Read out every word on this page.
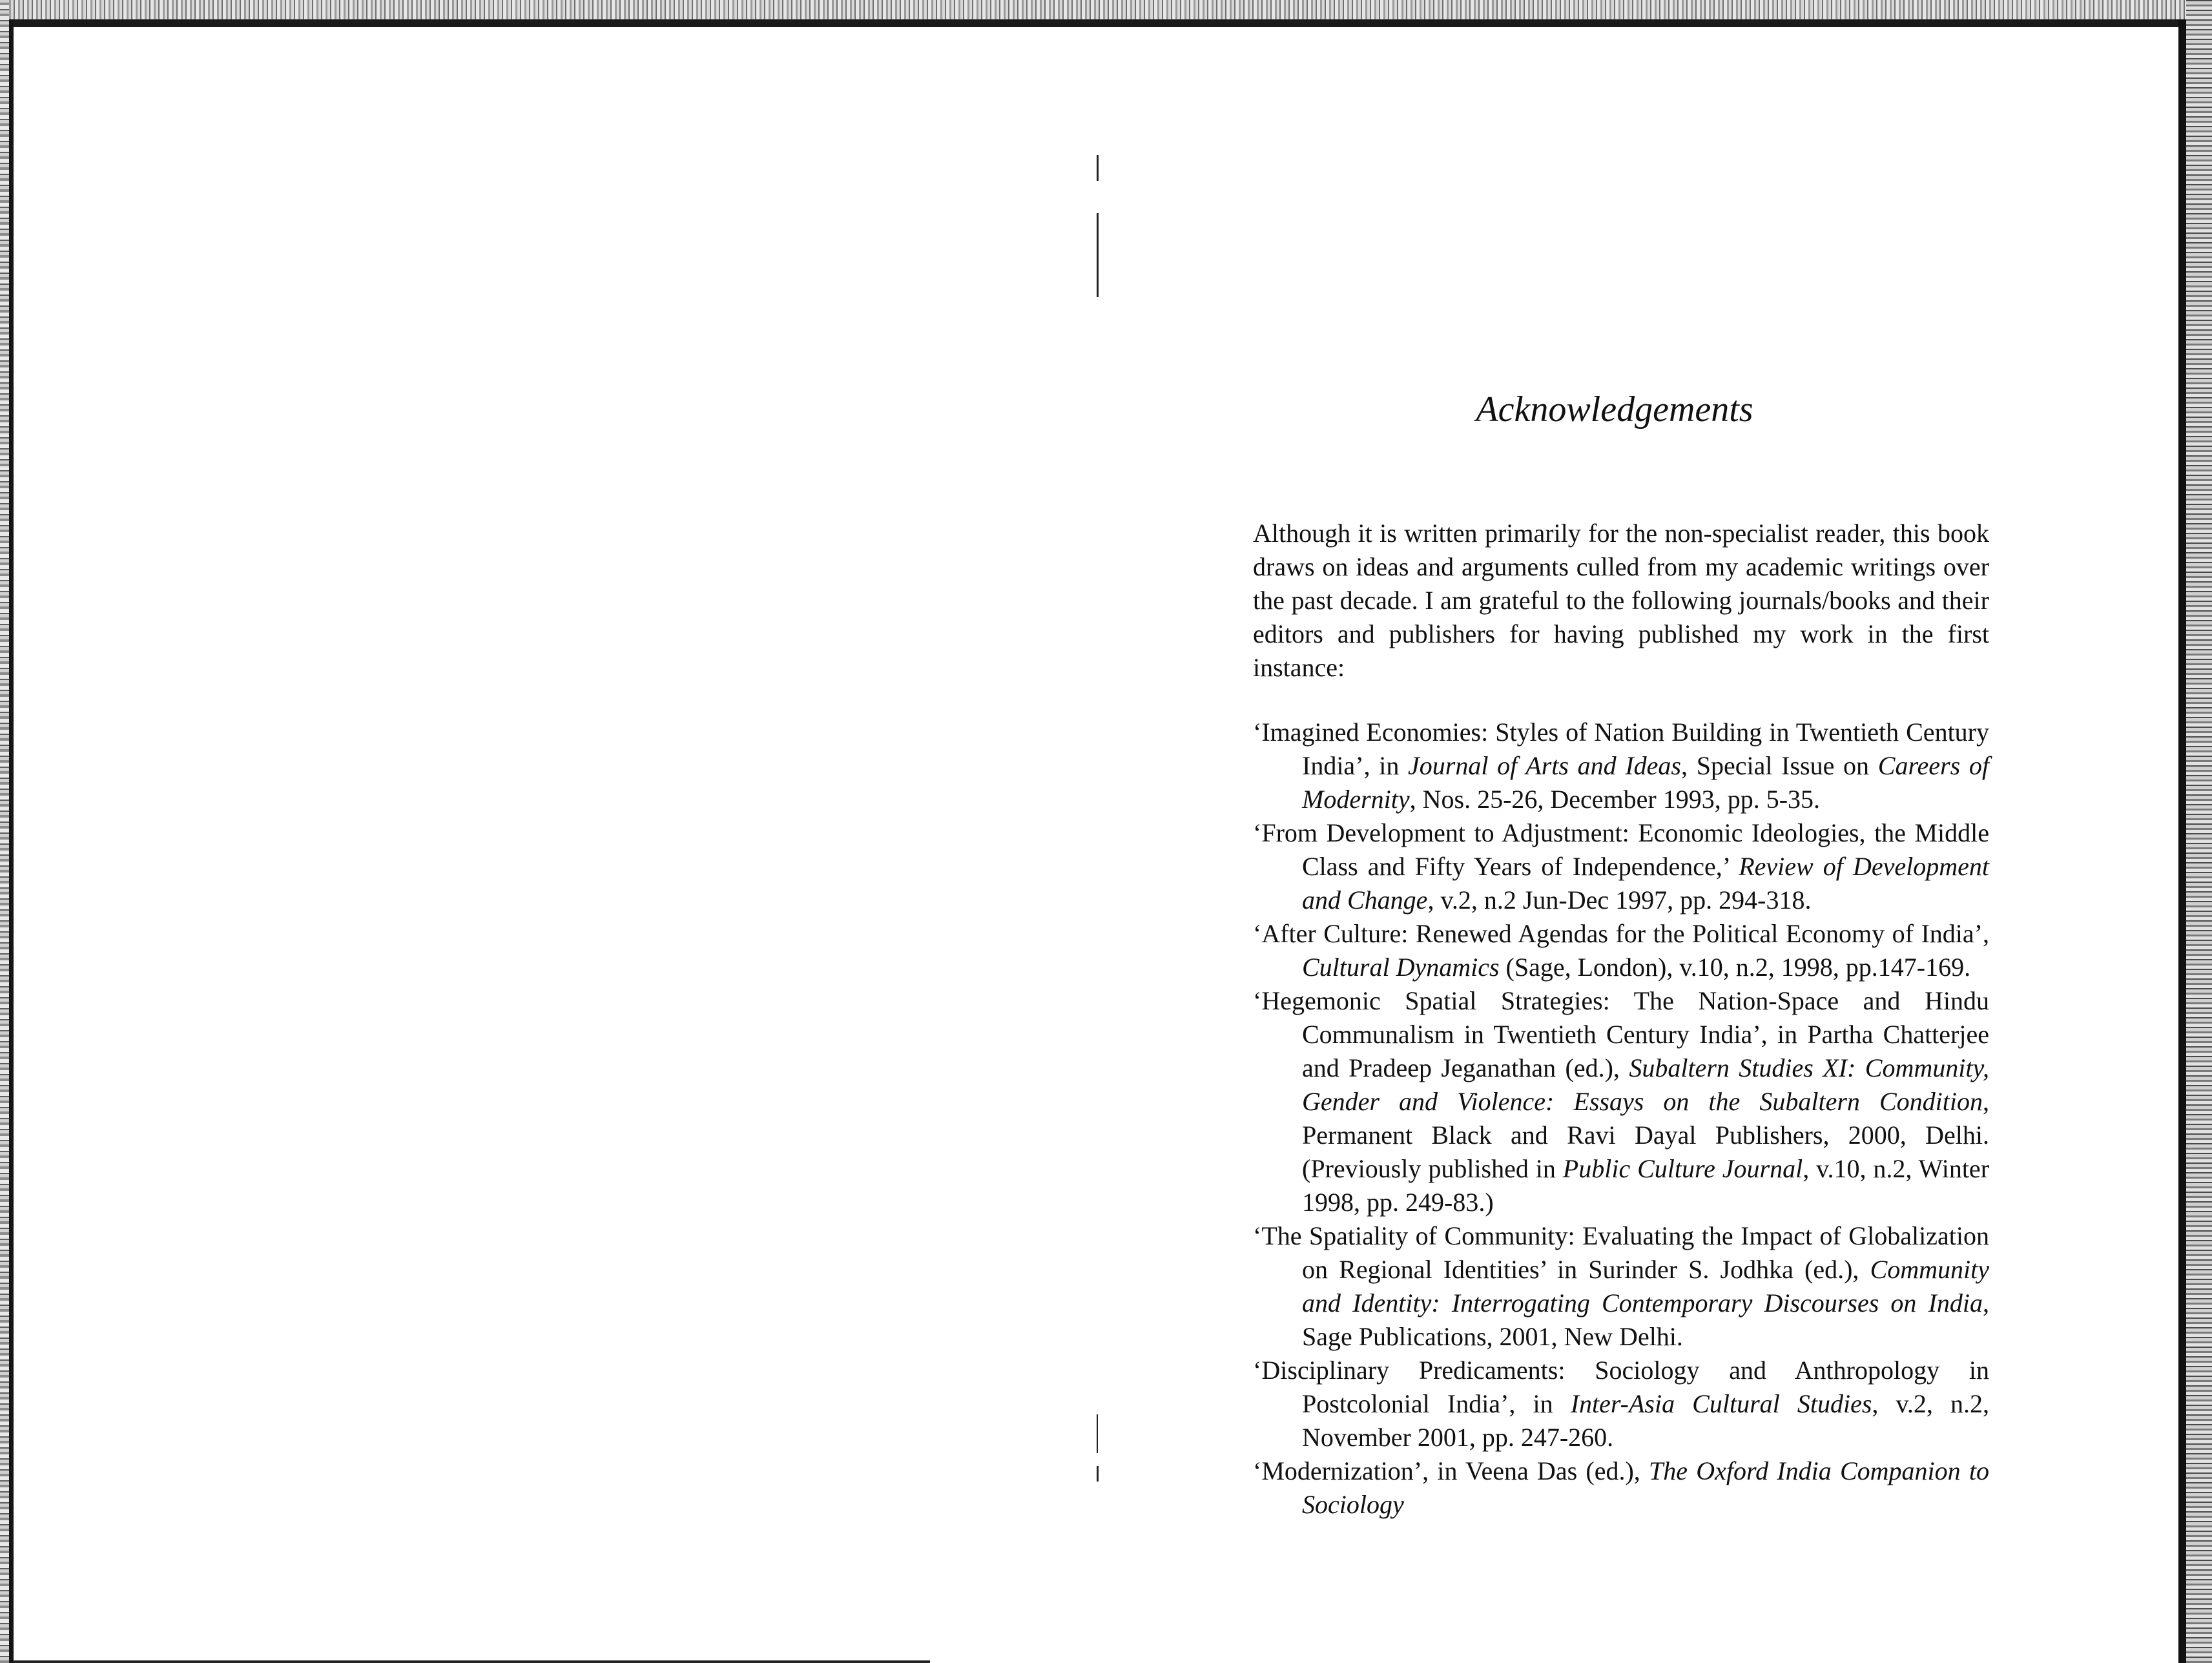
Acknowledgements

Although it is written primarily for the non-specialist reader, this book draws on ideas and arguments culled from my academic writings over the past decade. I am grateful to the following journals/books and their editors and publishers for having published my work in the first instance:

‘Imagined Economies: Styles of Nation Building in Twentieth Century India’, in Journal of Arts and Ideas, Special Issue on Careers of Modernity, Nos. 25-26, December 1993, pp. 5-35.
‘From Development to Adjustment: Economic Ideologies, the Middle Class and Fifty Years of Independence,’ Review of Development and Change, v.2, n.2 Jun-Dec 1997, pp. 294-318.
‘After Culture: Renewed Agendas for the Political Economy of India’, Cultural Dynamics (Sage, London), v.10, n.2, 1998, pp.147-169.
‘Hegemonic Spatial Strategies: The Nation-Space and Hindu Communalism in Twentieth Century India’, in Partha Chatterjee and Pradeep Jeganathan (ed.), Subaltern Studies XI: Community, Gender and Violence: Essays on the Subaltern Condition, Permanent Black and Ravi Dayal Publishers, 2000, Delhi. (Previously published in Public Culture Journal, v.10, n.2, Winter 1998, pp. 249-83.)
‘The Spatiality of Community: Evaluating the Impact of Globalization on Regional Identities’ in Surinder S. Jodhka (ed.), Community and Identity: Interrogating Contemporary Discourses on India, Sage Publications, 2001, New Delhi.
‘Disciplinary Predicaments: Sociology and Anthropology in Postcolonial India’, in Inter-Asia Cultural Studies, v.2, n.2, November 2001, pp. 247-260.
‘Modernization’, in Veena Das (ed.), The Oxford India Companion to Sociology
